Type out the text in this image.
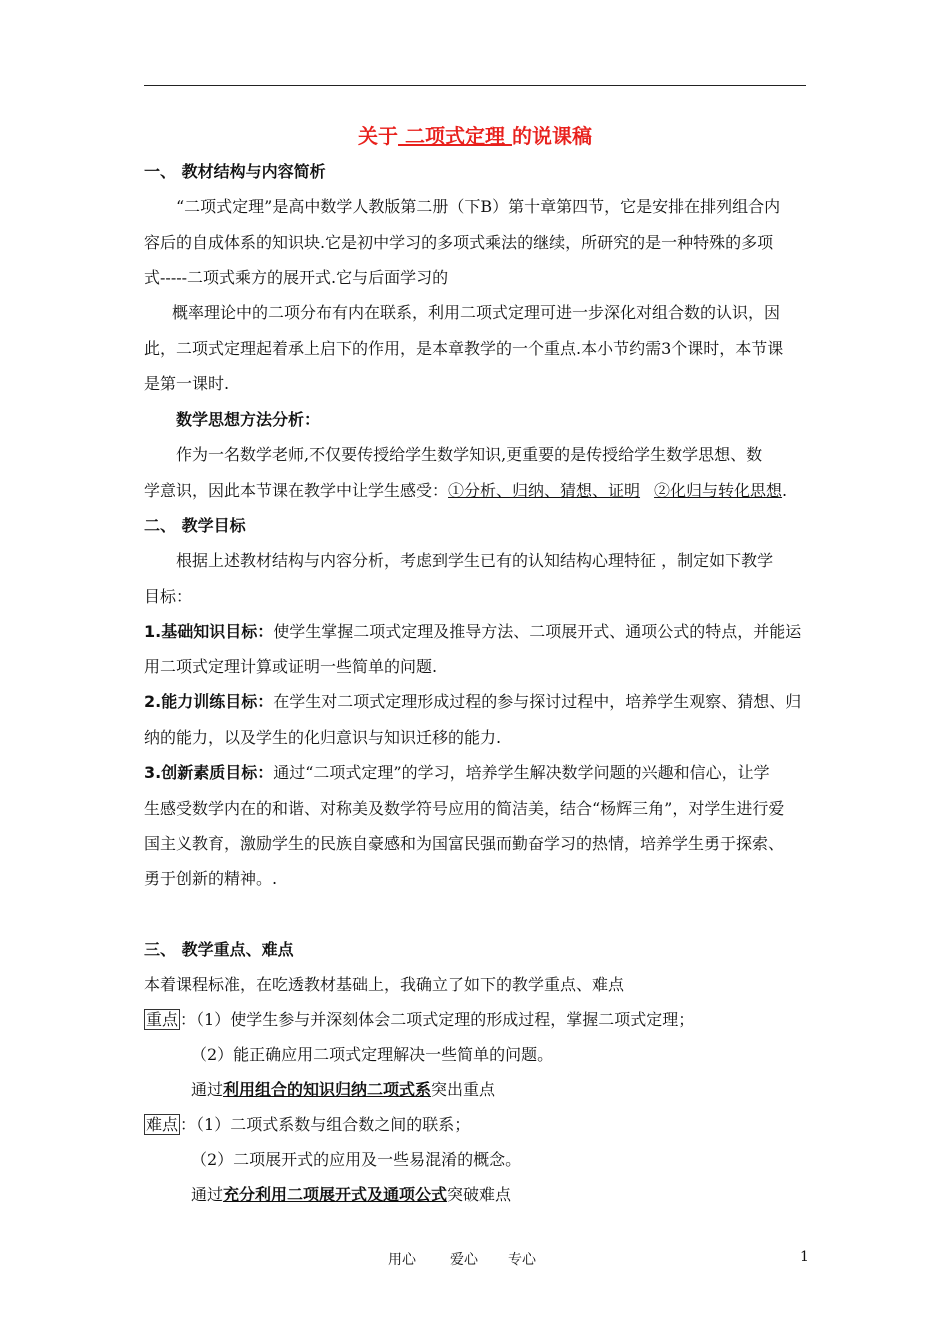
关于 二项式定理 的说课稿
一、 教材结构与内容简析
“二项式定理”是高中数学人教版第二册（下B）第十章第四节，它是安排在排列组合内
容后的自成体系的知识块.它是初中学习的多项式乘法的继续，所研究的是一种特殊的多项
式-----二项式乘方的展开式.它与后面学习的
概率理论中的二项分布有内在联系，利用二项式定理可进一步深化对组合数的认识，因
此，二项式定理起着承上启下的作用，是本章教学的一个重点.本小节约需3个课时，本节课
是第一课时.
数学思想方法分析：
作为一名数学老师,不仅要传授给学生数学知识,更重要的是传授给学生数学思想、数
学意识，因此本节课在教学中让学生感受：①分析、归纳、猜想、证明 ②化归与转化思想.
二、 教学目标
根据上述教材结构与内容分析，考虑到学生已有的认知结构心理特征 ，制定如下教学
目标：
1.基础知识目标：使学生掌握二项式定理及推导方法、二项展开式、通项公式的特点，并能运
用二项式定理计算或证明一些简单的问题.
2.能力训练目标：在学生对二项式定理形成过程的参与探讨过程中，培养学生观察、猜想、归
纳的能力，以及学生的化归意识与知识迁移的能力.
3.创新素质目标：通过“二项式定理”的学习，培养学生解决数学问题的兴趣和信心，让学
生感受数学内在的和谐、对称美及数学符号应用的简洁美，结合“杨辉三角”，对学生进行爱
国主义教育，激励学生的民族自豪感和为国富民强而勤奋学习的热情，培养学生勇于探索、
勇于创新的精神。.
三、 教学重点、难点
本着课程标准，在吃透教材基础上，我确立了如下的教学重点、难点
重点 ：（1）使学生参与并深刻体会二项式定理的形成过程，掌握二项式定理；
（2）能正确应用二项式定理解决一些简单的问题。
通过利用组合的知识归纳二项式系突出重点
难点 ：（1）二项式系数与组合数之间的联系；
（2）二项展开式的应用及一些易混淆的概念。
通过充分利用二项展开式及通项公式突破难点
用心 爱心 专心	1
